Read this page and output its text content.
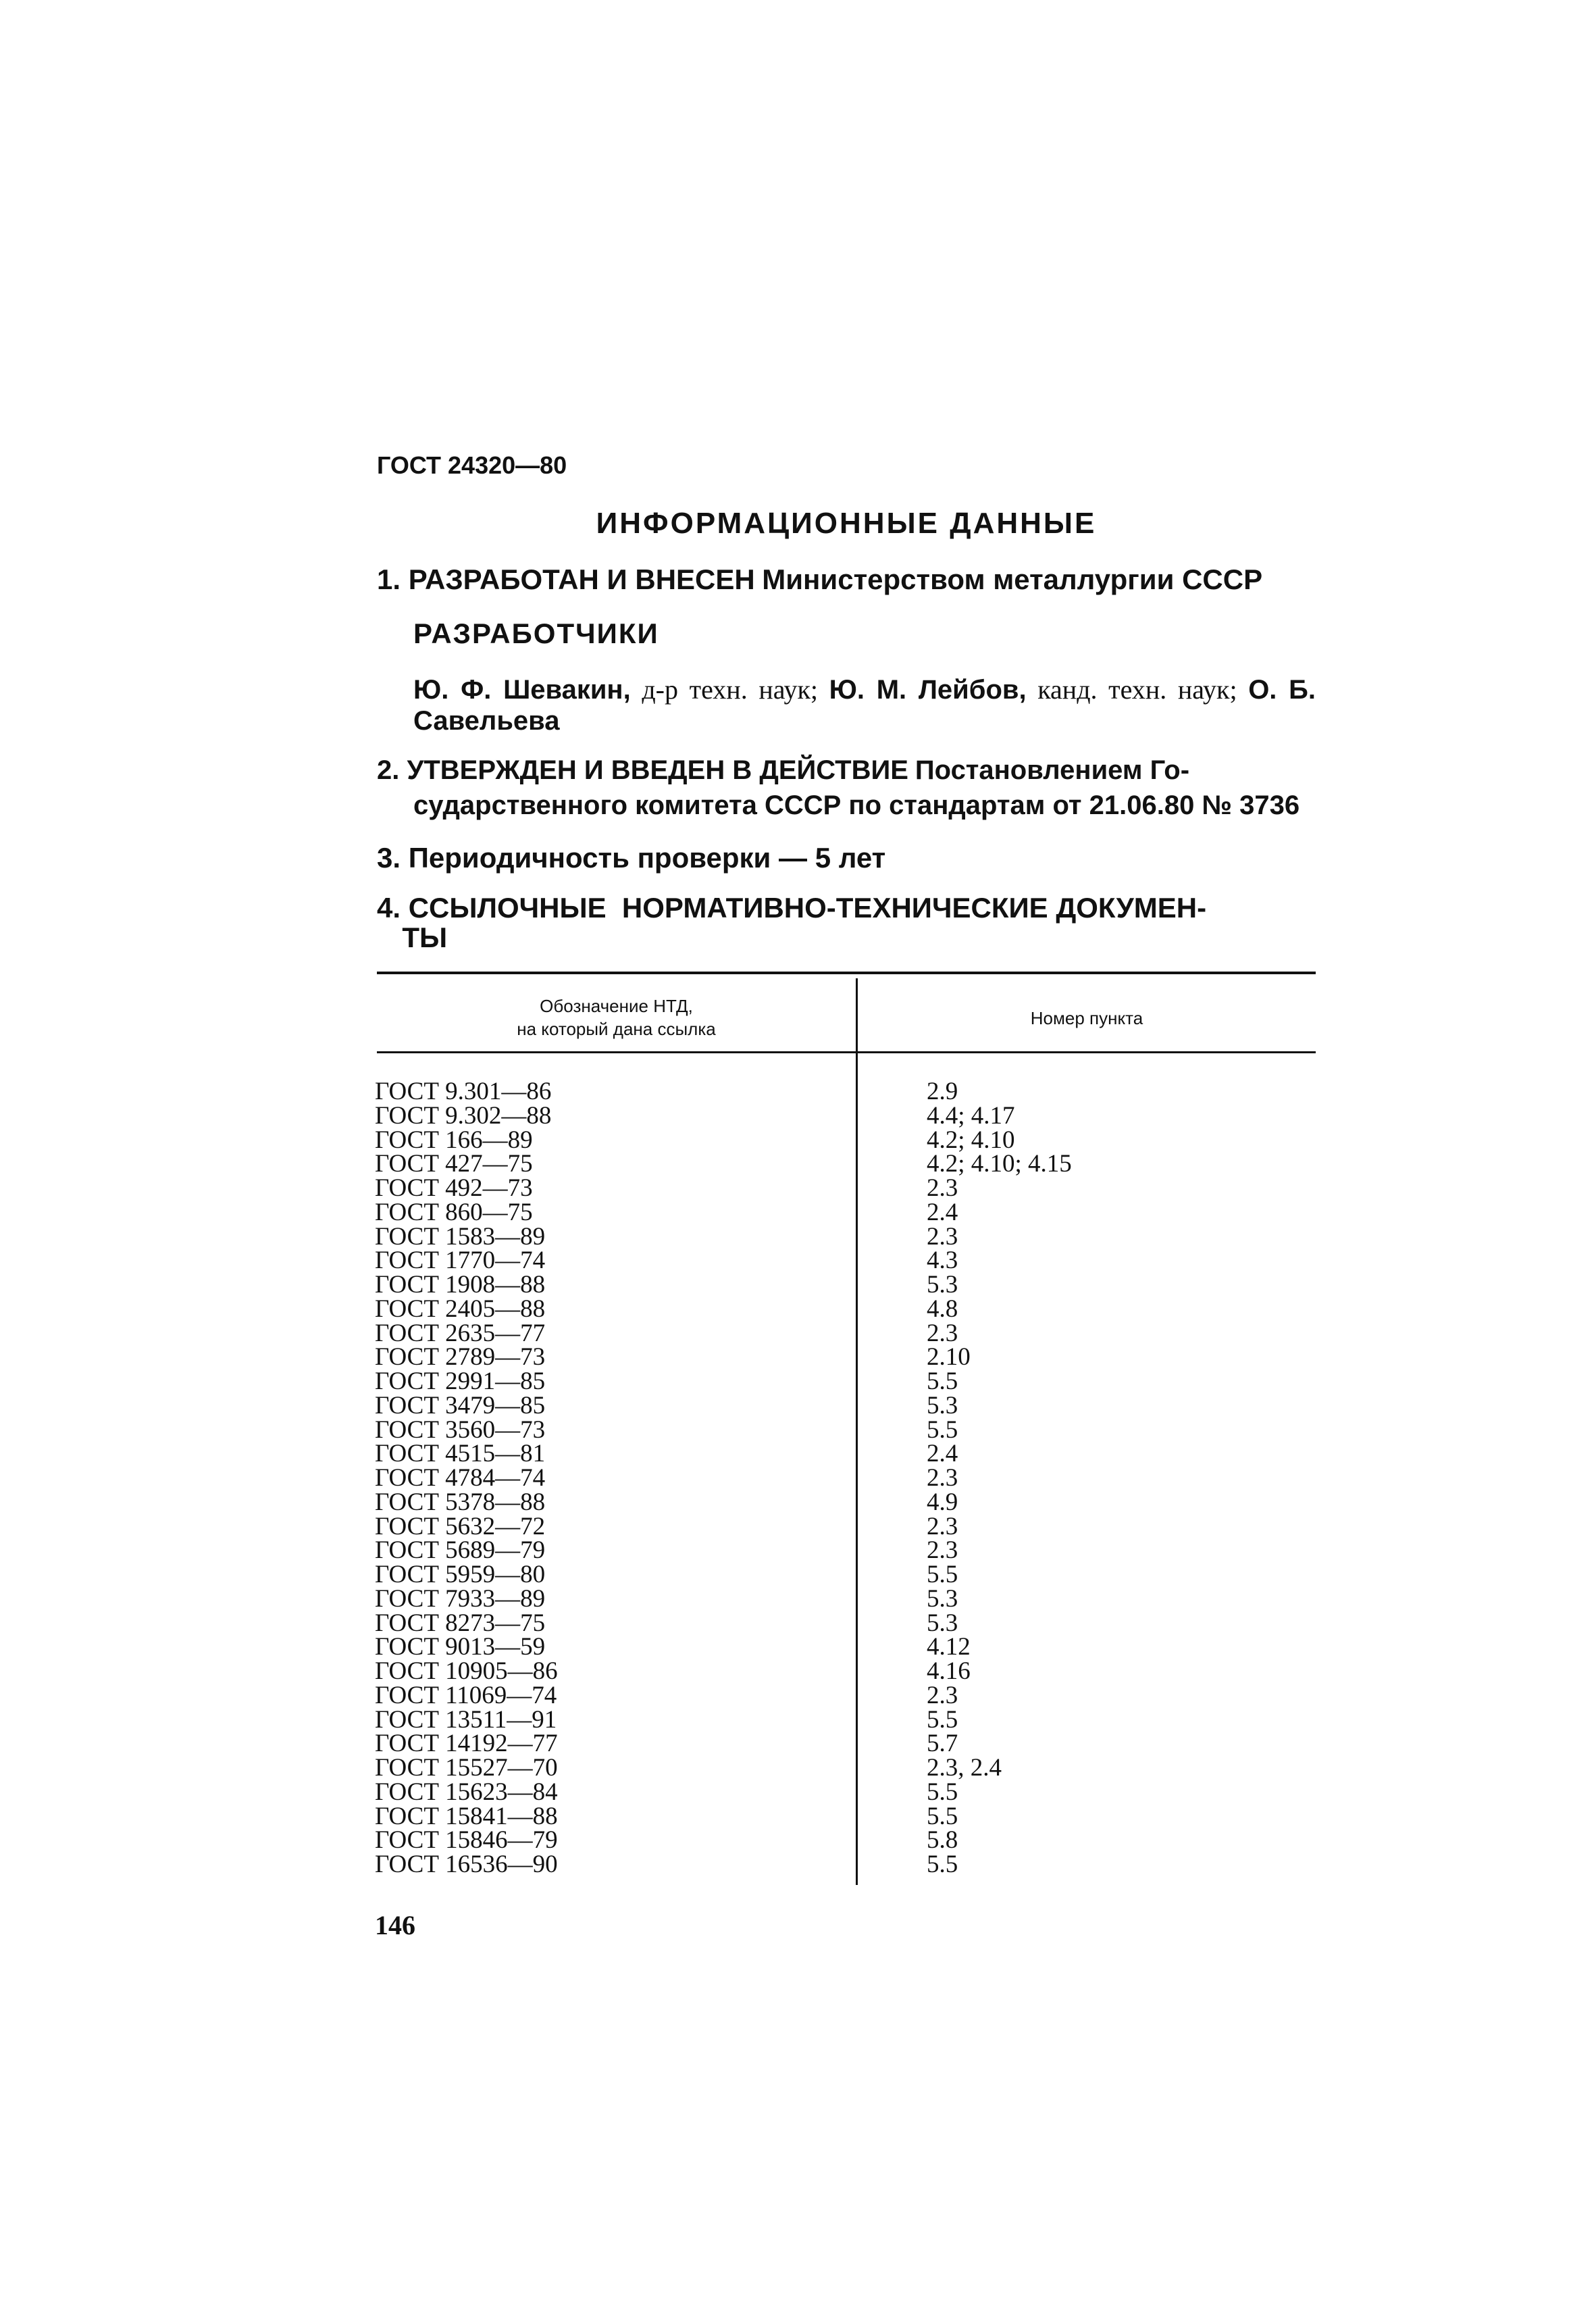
ГОСТ 24320—80
ИНФОРМАЦИОННЫЕ ДАННЫЕ
1. РАЗРАБОТАН И ВНЕСЕН Министерством металлургии СССР
РАЗРАБОТЧИКИ
Ю. Ф. Шевакин, д-р техн. наук; Ю. М. Лейбов, канд. техн. наук; О. Б. Савельева
2. УТВЕРЖДЕН И ВВЕДЕН В ДЕЙСТВИЕ Постановлением Го-
сударственного комитета СССР по стандартам от 21.06.80 № 3736
3. Периодичность проверки — 5 лет
4. ССЫЛОЧНЫЕ  НОРМАТИВНО-ТЕХНИЧЕСКИЕ ДОКУМЕН-
ТЫ
Обозначение НТД,
на который дана ссылка
Номер пункта
ГОСТ 9.301—86
ГОСТ 9.302—88
ГОСТ 166—89
ГОСТ 427—75
ГОСТ 492—73
ГОСТ 860—75
ГОСТ 1583—89
ГОСТ 1770—74
ГОСТ 1908—88
ГОСТ 2405—88
ГОСТ 2635—77
ГОСТ 2789—73
ГОСТ 2991—85
ГОСТ 3479—85
ГОСТ 3560—73
ГОСТ 4515—81
ГОСТ 4784—74
ГОСТ 5378—88
ГОСТ 5632—72
ГОСТ 5689—79
ГОСТ 5959—80
ГОСТ 7933—89
ГОСТ 8273—75
ГОСТ 9013—59
ГОСТ 10905—86
ГОСТ 11069—74
ГОСТ 13511—91
ГОСТ 14192—77
ГОСТ 15527—70
ГОСТ 15623—84
ГОСТ 15841—88
ГОСТ 15846—79
ГОСТ 16536—90
2.9
4.4; 4.17
4.2; 4.10
4.2; 4.10; 4.15
2.3
2.4
2.3
4.3
5.3
4.8
2.3
2.10
5.5
5.3
5.5
2.4
2.3
4.9
2.3
2.3
5.5
5.3
5.3
4.12
4.16
2.3
5.5
5.7
2.3, 2.4
5.5
5.5
5.8
5.5
146
